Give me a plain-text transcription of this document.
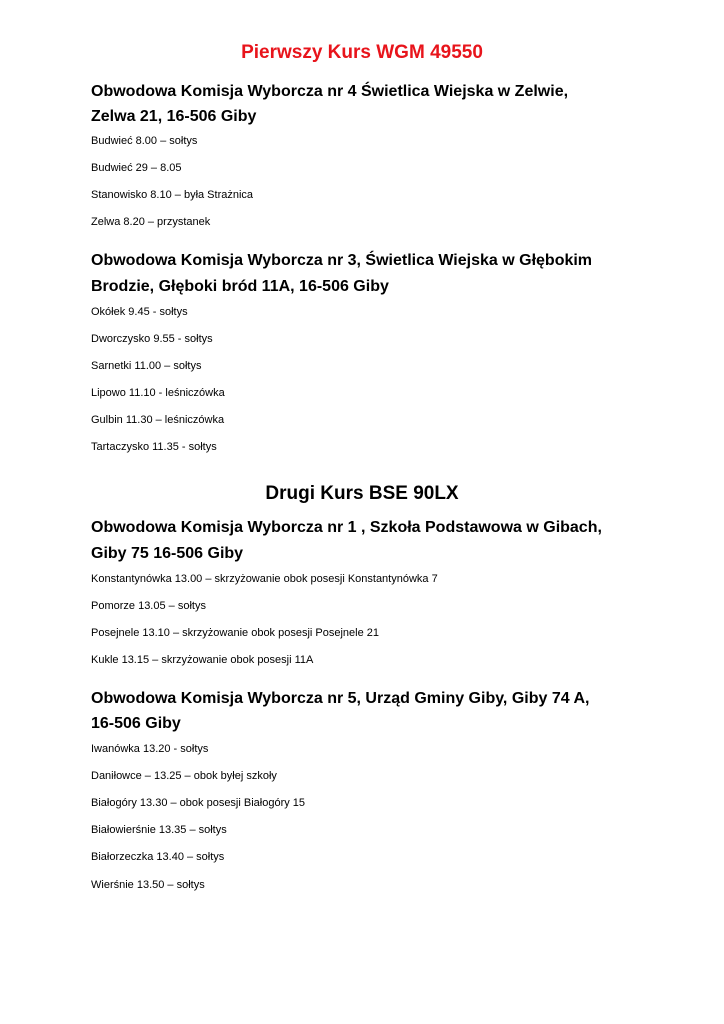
Pierwszy Kurs WGM 49550

Obwodowa Komisja Wyborcza nr 4 Świetlica Wiejska w Zelwie,

Zelwa 21, 16-506 Giby

Budwieć 8.00 – sołtys

Budwieć 29 – 8.05

Stanowisko 8.10 – była Strażnica

Zelwa 8.20 – przystanek

Obwodowa Komisja Wyborcza nr 3, Świetlica Wiejska w Głębokim

Brodzie, Głęboki bród 11A, 16-506 Giby

Okółek 9.45 - sołtys

Dworczysko 9.55 - sołtys

Sarnetki 11.00 – sołtys

Lipowo 11.10 - leśniczówka

Gulbin 11.30 – leśniczówka

Tartaczysko 11.35 - sołtys

Drugi Kurs BSE 90LX

Obwodowa Komisja Wyborcza nr 1 , Szkoła Podstawowa w Gibach,

Giby 75 16-506 Giby

Konstantynówka 13.00 – skrzyżowanie obok posesji Konstantynówka 7

Pomorze 13.05 – sołtys

Posejnele 13.10 – skrzyżowanie obok posesji Posejnele 21

Kukle 13.15 – skrzyżowanie obok posesji 11A

Obwodowa Komisja Wyborcza nr 5, Urząd Gminy Giby, Giby 74 A,

16-506 Giby

Iwanówka 13.20 - sołtys

Daniłowce – 13.25 – obok byłej szkoły

Białogóry 13.30 – obok posesji Białogóry 15

Białowierśnie 13.35 – sołtys

Białorzeczka 13.40 – sołtys

Wierśnie 13.50 – sołtys
